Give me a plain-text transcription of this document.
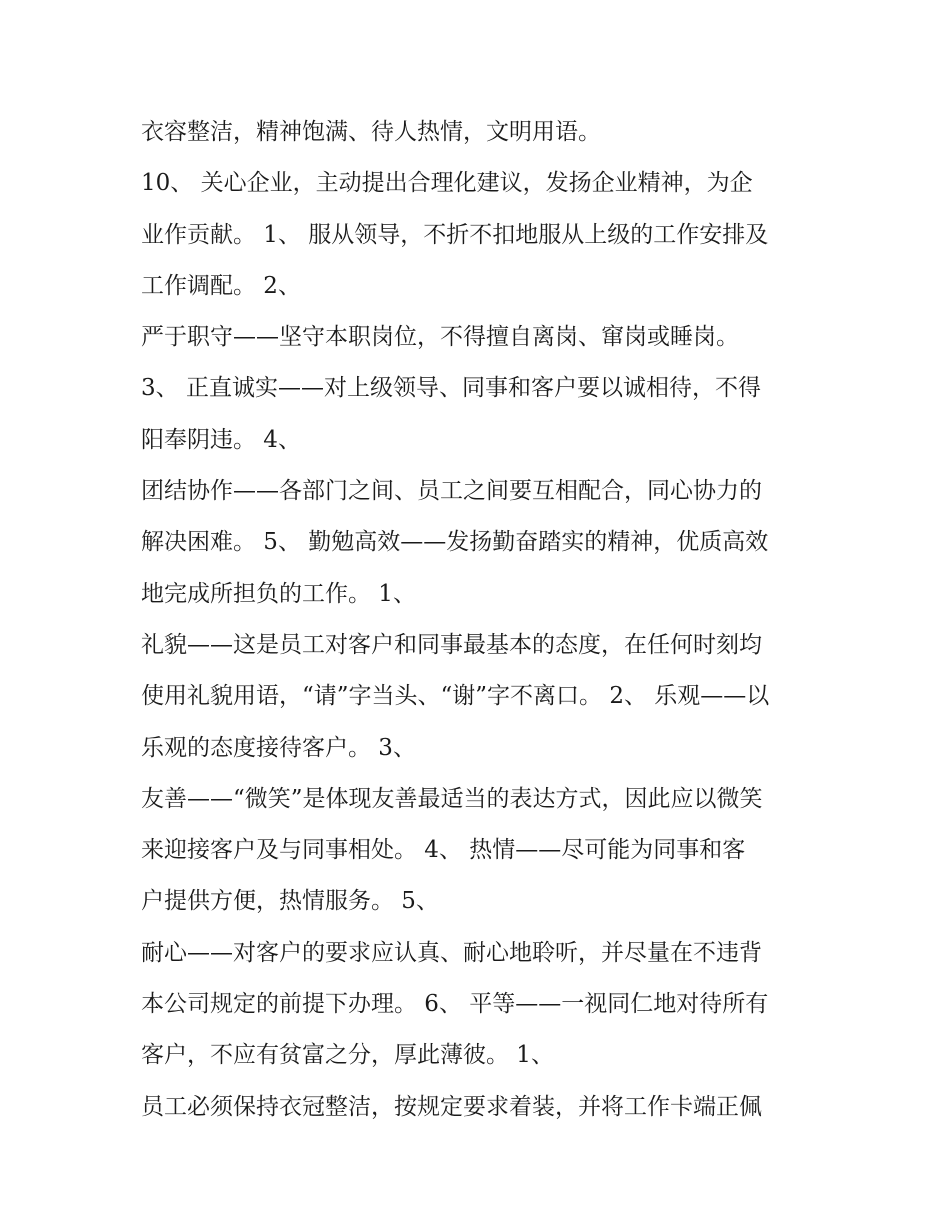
衣容整洁，精神饱满、待人热情，文明用语。
10、 关心企业，主动提出合理化建议，发扬企业精神，为企
业作贡献。 1、 服从领导，不折不扣地服从上级的工作安排及
工作调配。 2、
严于职守——坚守本职岗位，不得擅自离岗、窜岗或睡岗。
3、 正直诚实——对上级领导、同事和客户要以诚相待，不得
阳奉阴违。 4、
团结协作——各部门之间、员工之间要互相配合，同心协力的
解决困难。 5、 勤勉高效——发扬勤奋踏实的精神，优质高效
地完成所担负的工作。 1、
礼貌——这是员工对客户和同事最基本的态度，在任何时刻均
使用礼貌用语，“请”字当头、“谢”字不离口。 2、 乐观——以
乐观的态度接待客户。 3、
友善——“微笑”是体现友善最适当的表达方式，因此应以微笑
来迎接客户及与同事相处。 4、 热情——尽可能为同事和客
户提供方便，热情服务。 5、
耐心——对客户的要求应认真、耐心地聆听，并尽量在不违背
本公司规定的前提下办理。 6、 平等——一视同仁地对待所有
客户，不应有贫富之分，厚此薄彼。 1、
员工必须保持衣冠整洁，按规定要求着装，并将工作卡端正佩
